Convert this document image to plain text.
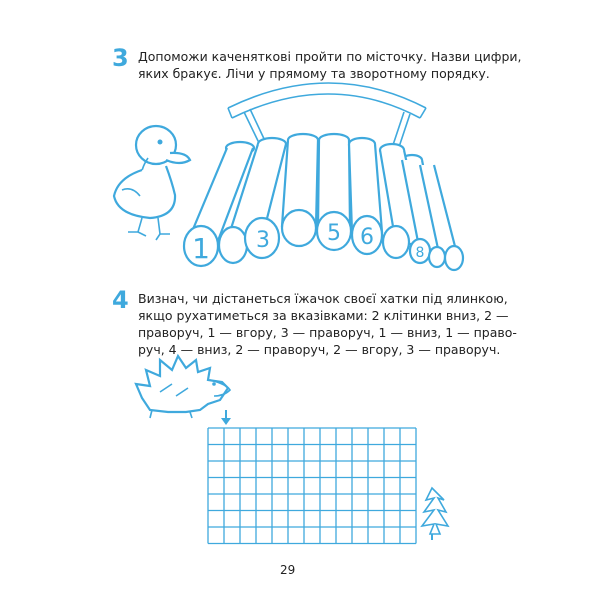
3 Допоможи каченяткові пройти по місточку. Назви цифри,
яких бракує. Лічи у прямому та зворотному порядку.
1 3	5 6
8
4 Визнач, чи дістанеться їжачок своєї хатки під ялинкою,
якщо рухатиметься за вказівками: 2 клітинки вниз, 2 —
праворуч, 1 — вгору, 3 — праворуч, 1 — вниз, 1 — право-
руч, 4 — вниз, 2 — праворуч, 2 — вгору, 3 — праворуч.
29
